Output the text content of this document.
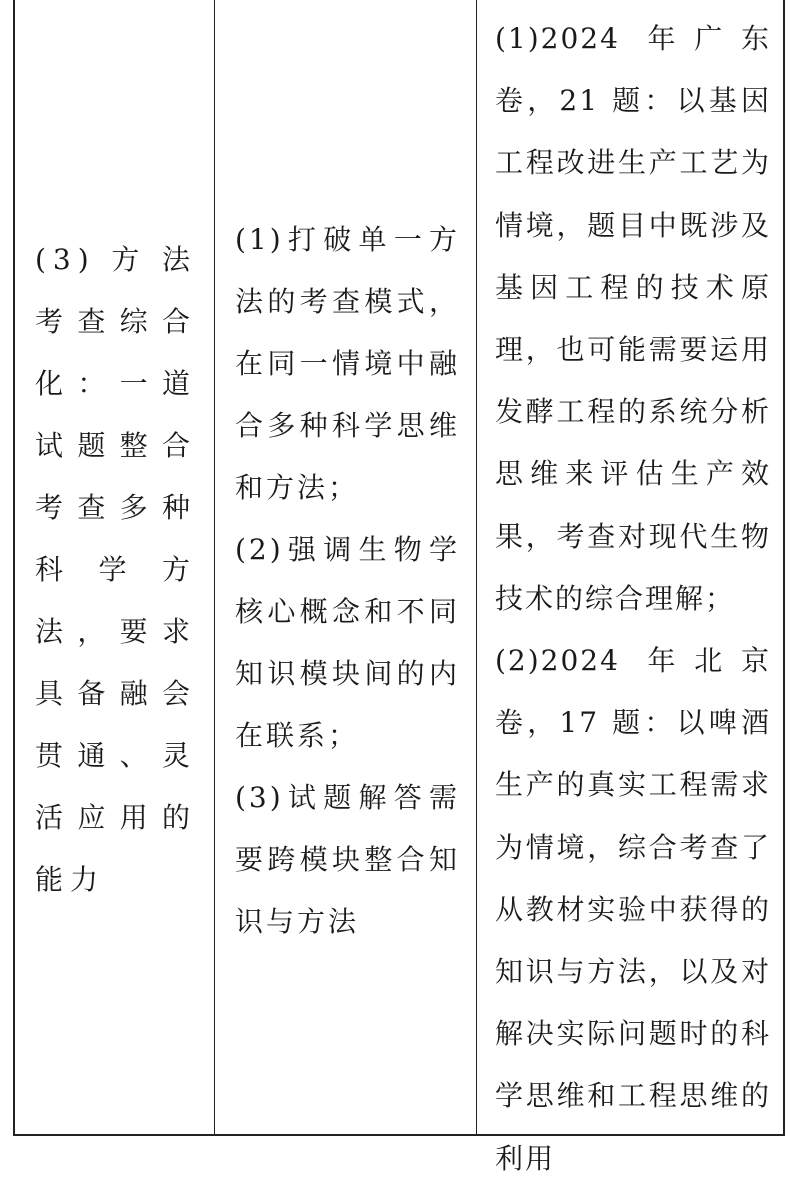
(3)方法考查综合化：一道试题整合考查多种科学方法，要求具备融会贯通、灵活应用的能力
(1)打破单一方法的考查模式，在同一情境中融合多种科学思维和方法；
(2)强调生物学核心概念和不同知识模块间的内在联系；
(3)试题解答需要跨模块整合知识与方法
(1)2024 年广东卷，21 题：以基因工程改进生产工艺为情境，题目中既涉及基因工程的技术原理，也可能需要运用发酵工程的系统分析思维来评估生产效果，考查对现代生物技术的综合理解；
(2)2024 年北京卷，17 题：以啤酒生产的真实工程需求为情境，综合考查了从教材实验中获得的知识与方法，以及对解决实际问题时的科学思维和工程思维的利用
